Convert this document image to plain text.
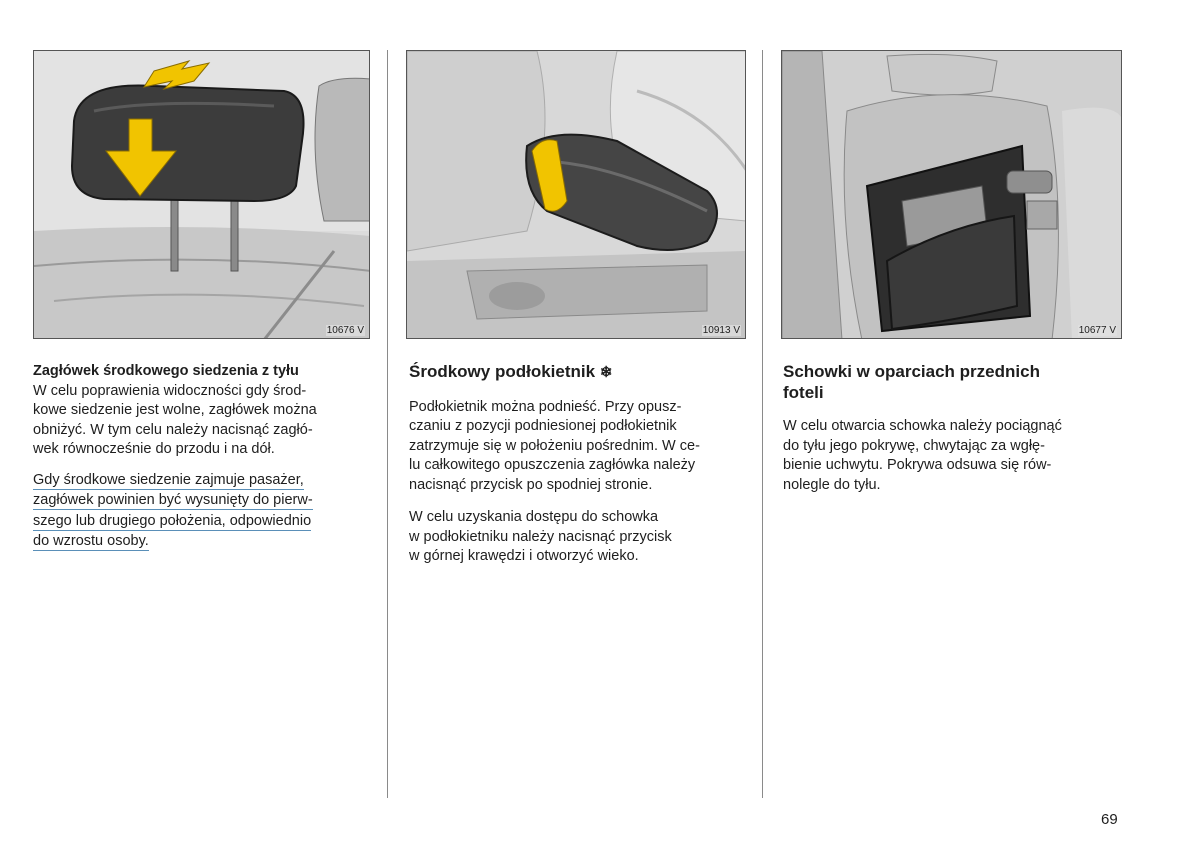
10676 V	10913 V	10677 V
Zagłówek środkowego siedzenia z tyłu

W celu poprawienia widoczności gdy środ-
kowe siedzenie jest wolne, zagłówek można
obniżyć. W tym celu należy nacisnąć zagłó-
wek równocześnie do przodu i na dół.

Gdy środkowe siedzenie zajmuje pasażer,
zagłówek powinien być wysunięty do pierw-
szego lub drugiego położenia, odpowiednio
do wzrostu osoby.

Środkowy podłokietnik ❄

Podłokietnik można podnieść. Przy opusz-
czaniu z pozycji podniesionej podłokietnik
zatrzymuje się w położeniu pośrednim. W ce-
lu całkowitego opuszczenia zagłówka należy
nacisnąć przycisk po spodniej stronie.

W celu uzyskania dostępu do schowka
w podłokietniku należy nacisnąć przycisk
w górnej krawędzi i otworzyć wieko.

Schowki w oparciach przednich
foteli

W celu otwarcia schowka należy pociągnąć
do tyłu jego pokrywę, chwytając za wgłę-
bienie uchwytu. Pokrywa odsuwa się rów-
nolegle do tyłu.

69
